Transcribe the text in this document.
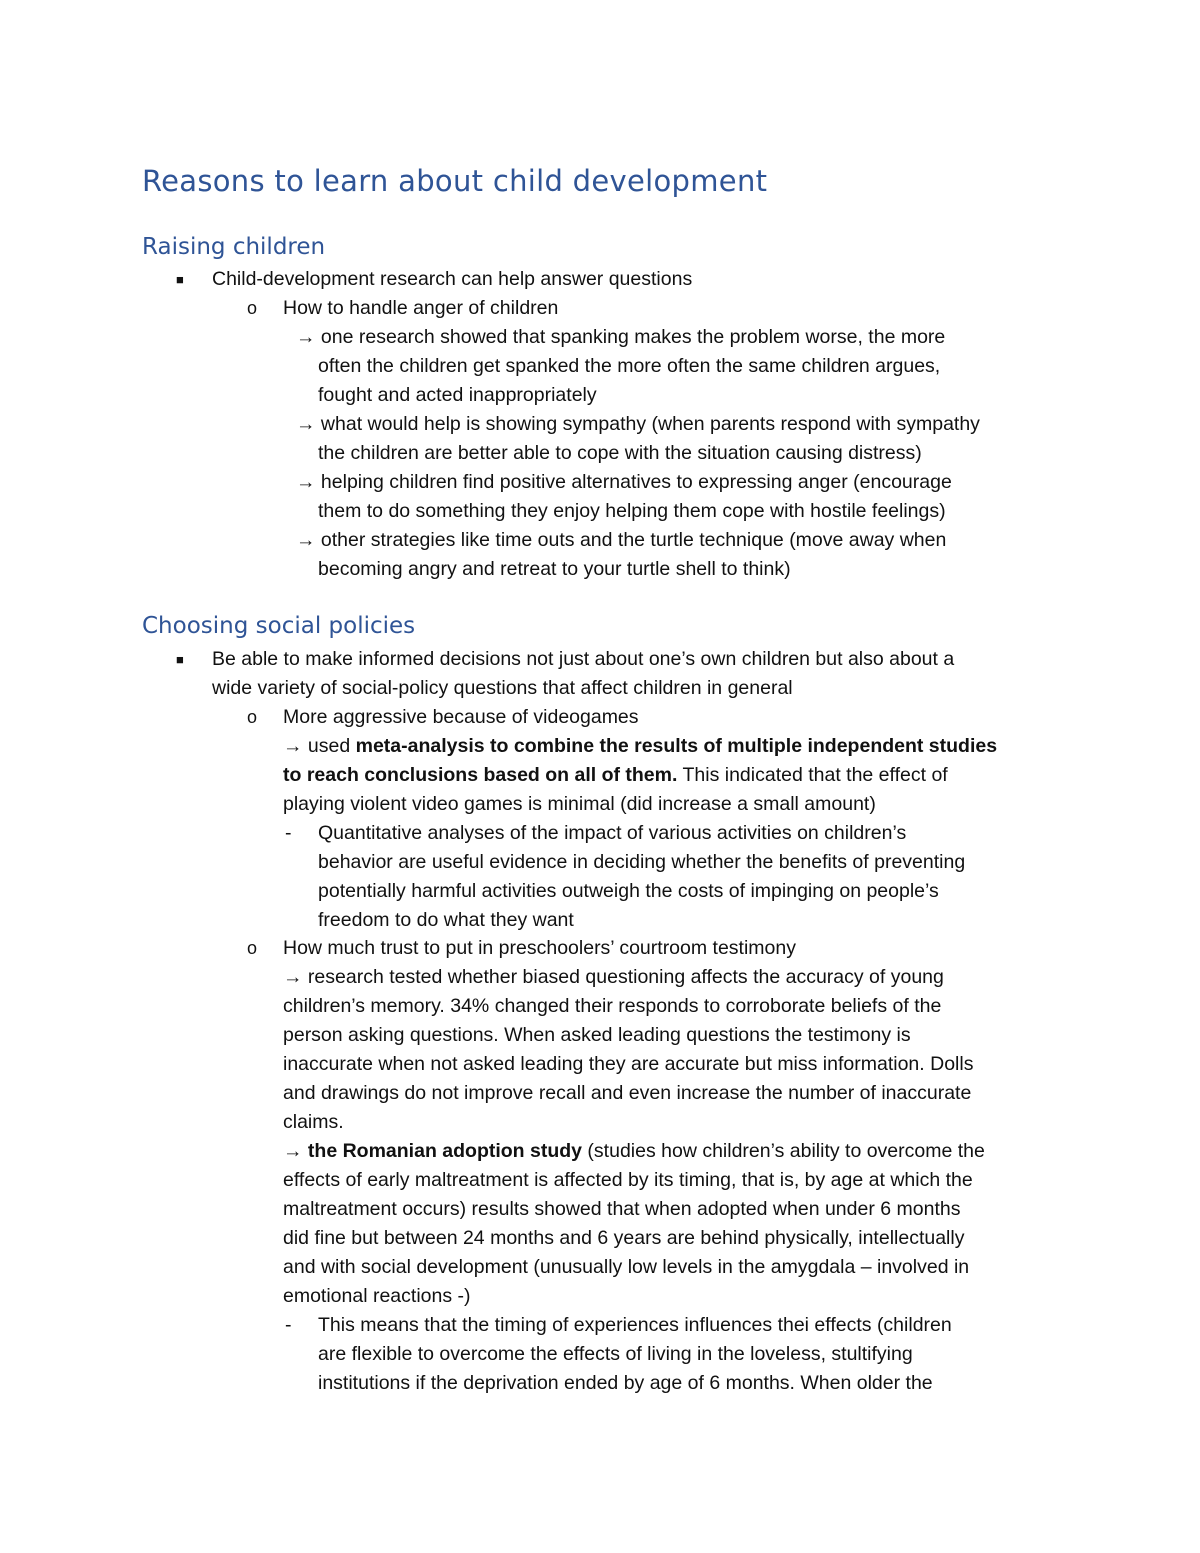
Reasons to learn about child development
Raising children
■ Child-development research can help answer questions
o How to handle anger of children
→ one research showed that spanking makes the problem worse, the more
often the children get spanked the more often the same children argues,
fought and acted inappropriately
→ what would help is showing sympathy (when parents respond with sympathy
the children are better able to cope with the situation causing distress)
→ helping children find positive alternatives to expressing anger (encourage
them to do something they enjoy helping them cope with hostile feelings)
→ other strategies like time outs and the turtle technique (move away when
becoming angry and retreat to your turtle shell to think)
Choosing social policies
■ Be able to make informed decisions not just about one’s own children but also about a
wide variety of social-policy questions that affect children in general
o More aggressive because of videogames
→ used meta-analysis to combine the results of multiple independent studies
to reach conclusions based on all of them. This indicated that the effect of
playing violent video games is minimal (did increase a small amount)
- Quantitative analyses of the impact of various activities on children’s
behavior are useful evidence in deciding whether the benefits of preventing
potentially harmful activities outweigh the costs of impinging on people’s
freedom to do what they want
o How much trust to put in preschoolers’ courtroom testimony
→ research tested whether biased questioning affects the accuracy of young
children’s memory. 34% changed their responds to corroborate beliefs of the
person asking questions. When asked leading questions the testimony is
inaccurate when not asked leading they are accurate but miss information. Dolls
and drawings do not improve recall and even increase the number of inaccurate
claims.
→ the Romanian adoption study (studies how children’s ability to overcome the
effects of early maltreatment is affected by its timing, that is, by age at which the
maltreatment occurs) results showed that when adopted when under 6 months
did fine but between 24 months and 6 years are behind physically, intellectually
and with social development (unusually low levels in the amygdala – involved in
emotional reactions -)
- This means that the timing of experiences influences thei effects (children
are flexible to overcome the effects of living in the loveless, stultifying
institutions if the deprivation ended by age of 6 months. When older the
